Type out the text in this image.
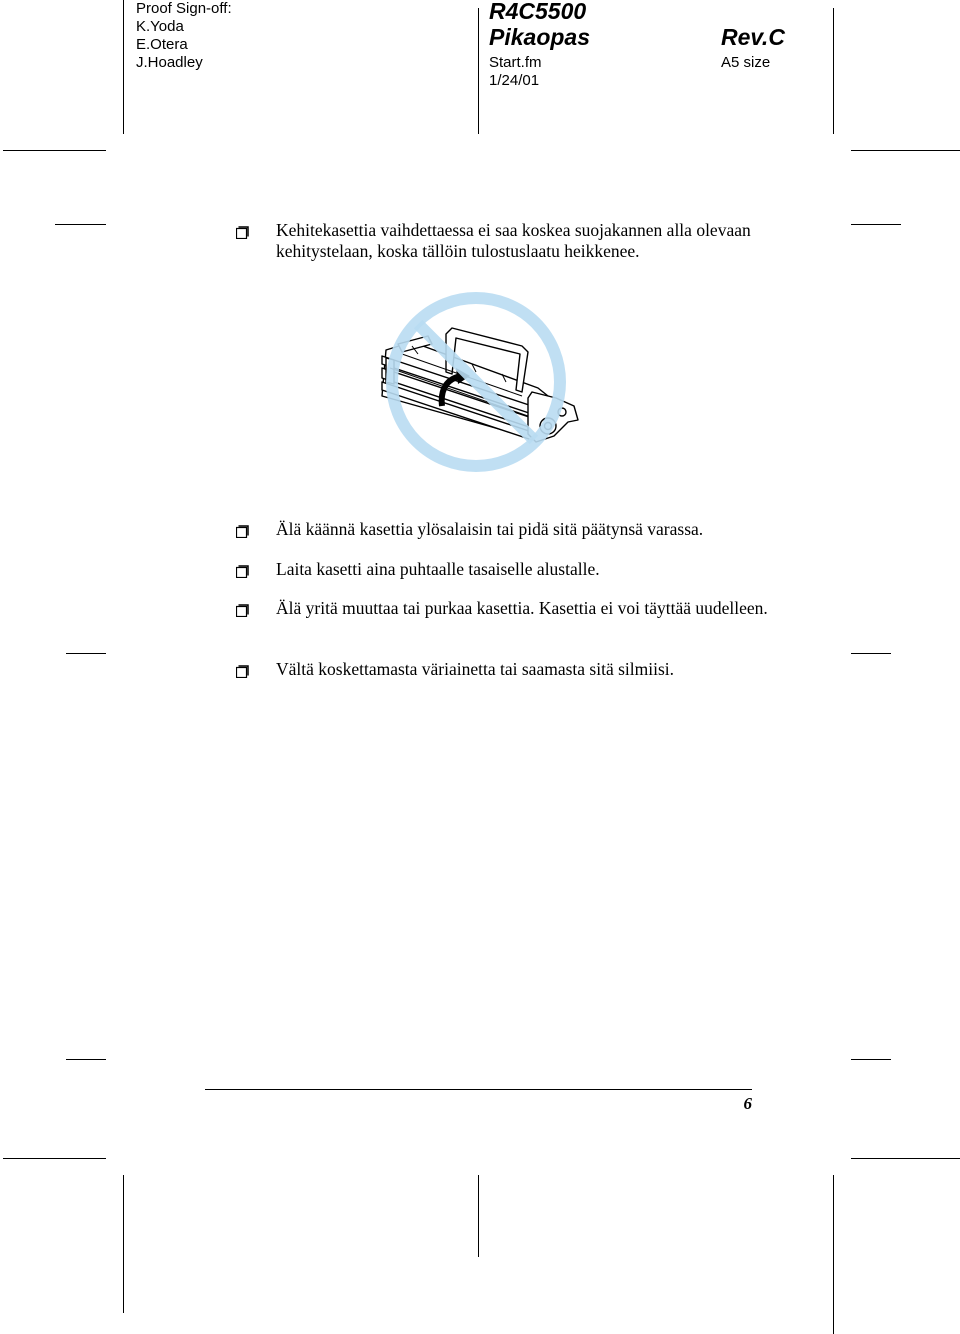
Proof Sign-off:
K.Yoda
E.Otera
J.Hoadley
R4C5500
Pikaopas
Start.fm
1/24/01
Rev.C
A5 size
Kehitekasettia vaihdettaessa ei saa koskea suojakannen alla olevaan kehitystelaan, koska tällöin tulostuslaatu heikkenee.
Älä käännä kasettia ylösalaisin tai pidä sitä päätynsä varassa.
Laita kasetti aina puhtaalle tasaiselle alustalle.
Älä yritä muuttaa tai purkaa kasettia. Kasettia ei voi täyttää uudelleen.
Vältä koskettamasta väriainetta tai saamasta sitä silmiisi.
6
